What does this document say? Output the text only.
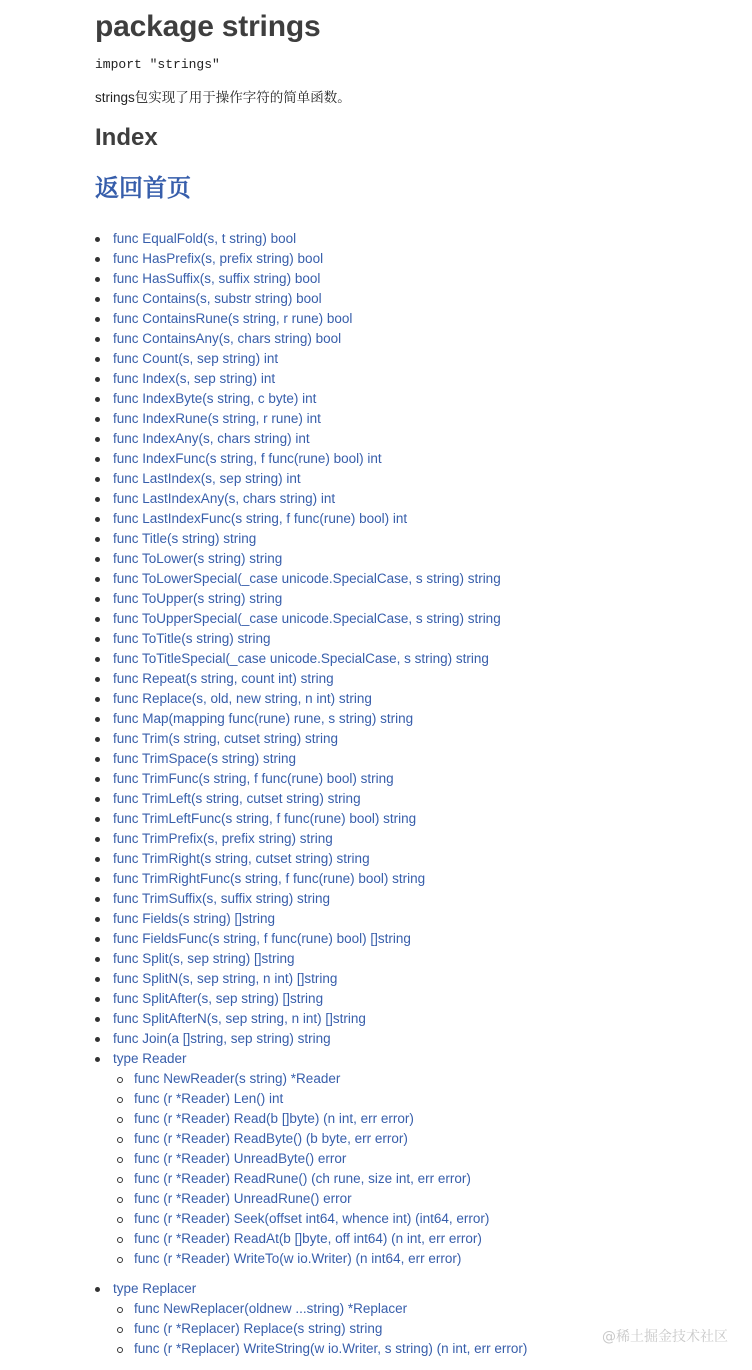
package strings
import "strings"
strings包实现了用于操作字符的简单函数。
Index
返回首页
func EqualFold(s, t string) bool
func HasPrefix(s, prefix string) bool
func HasSuffix(s, suffix string) bool
func Contains(s, substr string) bool
func ContainsRune(s string, r rune) bool
func ContainsAny(s, chars string) bool
func Count(s, sep string) int
func Index(s, sep string) int
func IndexByte(s string, c byte) int
func IndexRune(s string, r rune) int
func IndexAny(s, chars string) int
func IndexFunc(s string, f func(rune) bool) int
func LastIndex(s, sep string) int
func LastIndexAny(s, chars string) int
func LastIndexFunc(s string, f func(rune) bool) int
func Title(s string) string
func ToLower(s string) string
func ToLowerSpecial(_case unicode.SpecialCase, s string) string
func ToUpper(s string) string
func ToUpperSpecial(_case unicode.SpecialCase, s string) string
func ToTitle(s string) string
func ToTitleSpecial(_case unicode.SpecialCase, s string) string
func Repeat(s string, count int) string
func Replace(s, old, new string, n int) string
func Map(mapping func(rune) rune, s string) string
func Trim(s string, cutset string) string
func TrimSpace(s string) string
func TrimFunc(s string, f func(rune) bool) string
func TrimLeft(s string, cutset string) string
func TrimLeftFunc(s string, f func(rune) bool) string
func TrimPrefix(s, prefix string) string
func TrimRight(s string, cutset string) string
func TrimRightFunc(s string, f func(rune) bool) string
func TrimSuffix(s, suffix string) string
func Fields(s string) []string
func FieldsFunc(s string, f func(rune) bool) []string
func Split(s, sep string) []string
func SplitN(s, sep string, n int) []string
func SplitAfter(s, sep string) []string
func SplitAfterN(s, sep string, n int) []string
func Join(a []string, sep string) string
type Reader
func NewReader(s string) *Reader
func (r *Reader) Len() int
func (r *Reader) Read(b []byte) (n int, err error)
func (r *Reader) ReadByte() (b byte, err error)
func (r *Reader) UnreadByte() error
func (r *Reader) ReadRune() (ch rune, size int, err error)
func (r *Reader) UnreadRune() error
func (r *Reader) Seek(offset int64, whence int) (int64, error)
func (r *Reader) ReadAt(b []byte, off int64) (n int, err error)
func (r *Reader) WriteTo(w io.Writer) (n int64, err error)
type Replacer
func NewReplacer(oldnew ...string) *Replacer
func (r *Replacer) Replace(s string) string
func (r *Replacer) WriteString(w io.Writer, s string) (n int, err error)
@稀土掘金技术社区
